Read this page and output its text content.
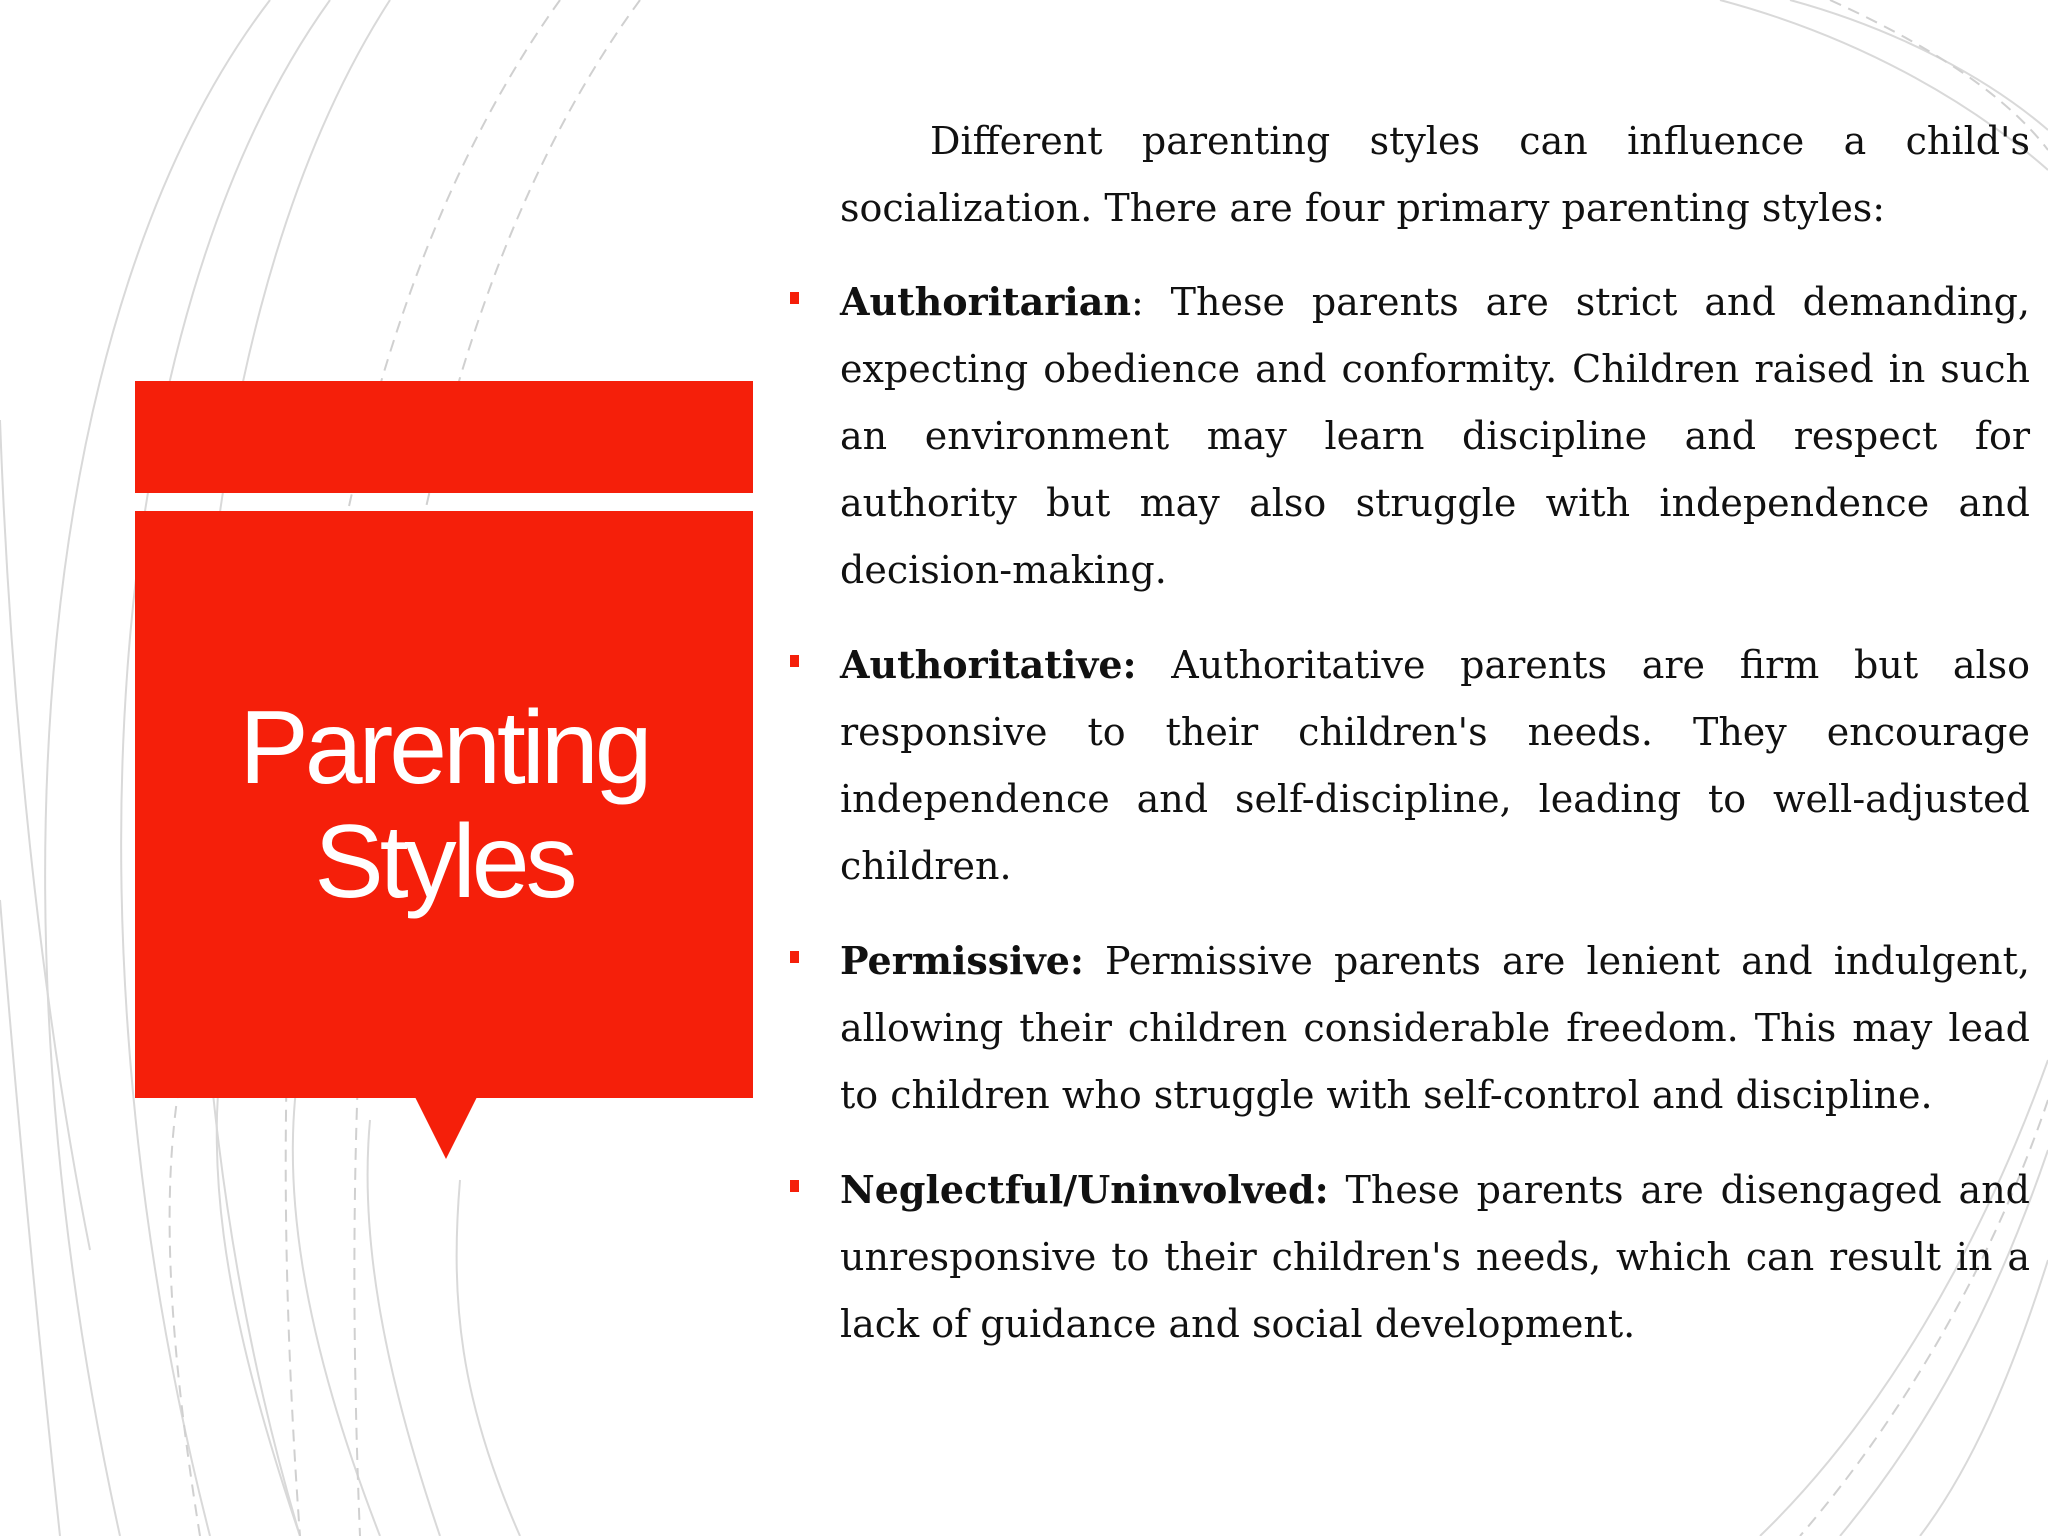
Parenting
Styles

Different parenting styles can influence a child's socialization. There are four primary parenting styles:

Authoritarian: These parents are strict and demanding, expecting obedience and conformity. Children raised in such an environment may learn discipline and respect for authority but may also struggle with independence and decision-making.
Authoritative: Authoritative parents are firm but also responsive to their children's needs. They encourage independence and self-discipline, leading to well-adjusted children.
Permissive: Permissive parents are lenient and indulgent, allowing their children considerable freedom. This may lead to children who struggle with self-control and discipline.
Neglectful/Uninvolved: These parents are disengaged and unresponsive to their children's needs, which can result in a lack of guidance and social development.
